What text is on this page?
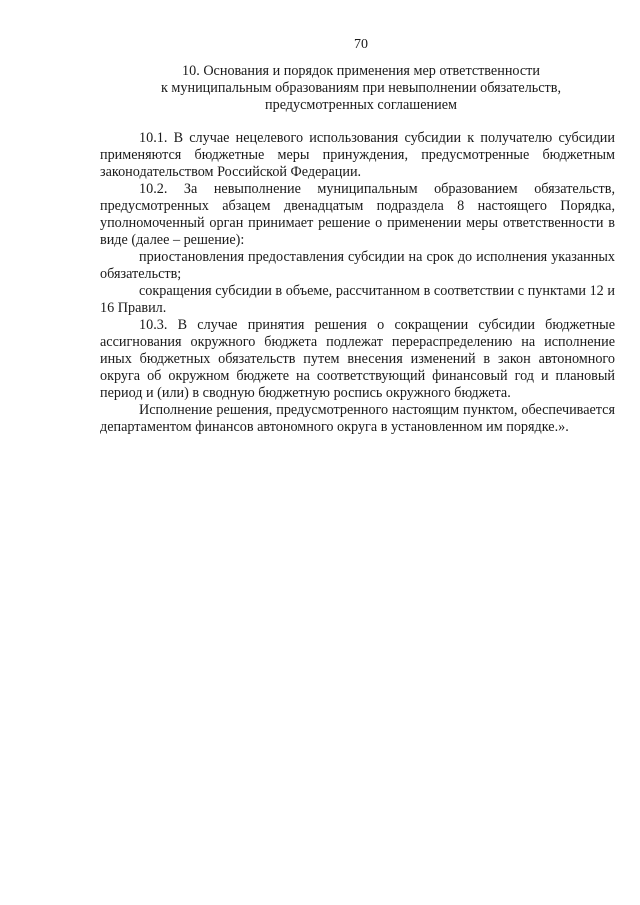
70
10. Основания и порядок применения мер ответственности
к муниципальным образованиям при невыполнении обязательств,
предусмотренных соглашением

10.1. В случае нецелевого использования субсидии к получателю субсидии применяются бюджетные меры принуждения, предусмотренные бюджетным законодательством Российской Федерации.

10.2. За невыполнение муниципальным образованием обязательств, предусмотренных абзацем двенадцатым подраздела 8 настоящего Порядка, уполномоченный орган принимает решение о применении меры ответственности в виде (далее – решение):

приостановления предоставления субсидии на срок до исполнения указанных обязательств;

сокращения субсидии в объеме, рассчитанном в соответствии с пунктами 12 и 16 Правил.

10.3. В случае принятия решения о сокращении субсидии бюджетные ассигнования окружного бюджета подлежат перераспределению на исполнение иных бюджетных обязательств путем внесения изменений в закон автономного округа об окружном бюджете на соответствующий финансовый год и плановый период и (или) в сводную бюджетную роспись окружного бюджета.

Исполнение решения, предусмотренного настоящим пунктом, обеспечивается департаментом финансов автономного округа в установленном им порядке.».
